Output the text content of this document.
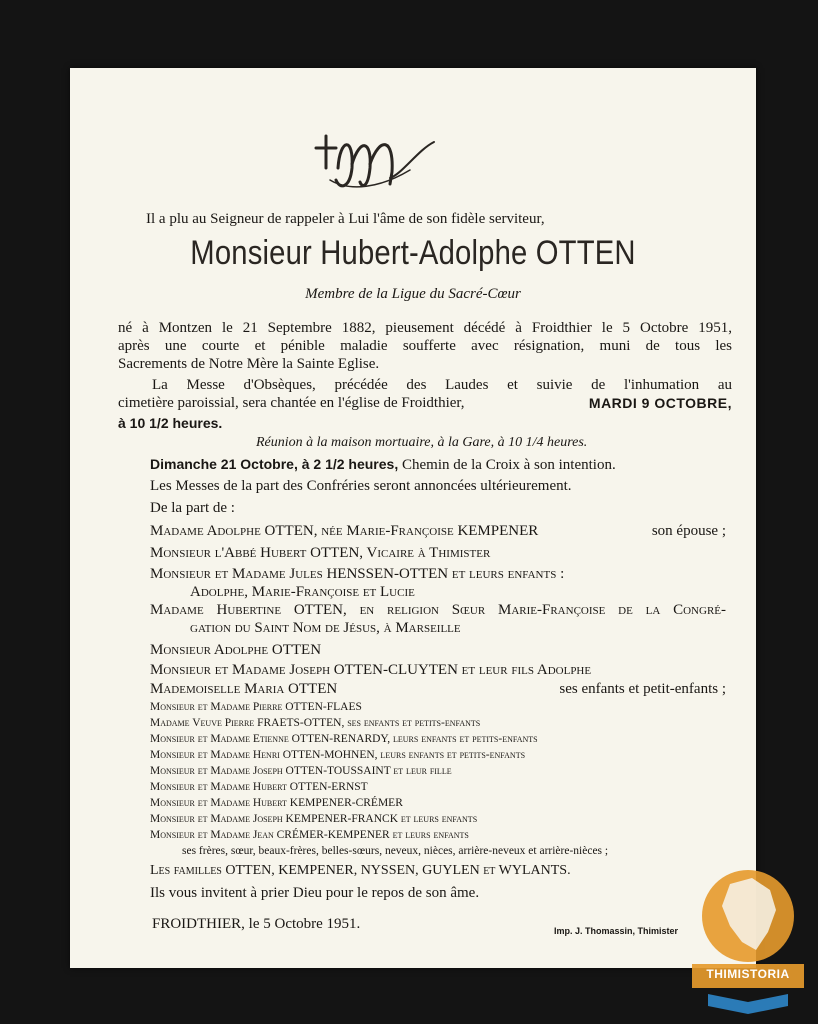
Il a plu au Seigneur de rappeler à Lui l'âme de son fidèle serviteur,
Monsieur Hubert-Adolphe OTTEN
Membre de la Ligue du Sacré-Cœur
né à Montzen le 21 Septembre 1882, pieusement décédé à Froidthier le 5 Octobre 1951,
après une courte et pénible maladie soufferte avec résignation, muni de tous les
Sacrements de Notre Mère la Sainte Eglise.
La Messe d'Obsèques, précédée des Laudes et suivie de l'inhumation au
cimetière paroissial, sera chantée en l'église de Froidthier,	MARDI 9 OCTOBRE,
à 10 1/2 heures.
Réunion à la maison mortuaire, à la Gare, à 10 1/4 heures.
Dimanche 21 Octobre, à 2 1/2 heures, Chemin de la Croix à son intention.
Les Messes de la part des Confréries seront annoncées ultérieurement.
De la part de :
Madame Adolphe OTTEN, née Marie-Françoise KEMPENER	son épouse ;
Monsieur l'Abbé Hubert OTTEN, Vicaire à Thimister
Monsieur et Madame Jules HENSSEN-OTTEN et leurs enfants :
Adolphe, Marie-Françoise et Lucie
Madame Hubertine OTTEN, en religion Sœur Marie-Françoise de la Congré-
gation du Saint Nom de Jésus, à Marseille
Monsieur Adolphe OTTEN
Monsieur et Madame Joseph OTTEN-CLUYTEN et leur fils Adolphe
Mademoiselle Maria OTTEN	ses enfants et petit-enfants ;
Monsieur et Madame Pierre OTTEN-FLAES
Madame Veuve Pierre FRAETS-OTTEN, ses enfants et petits-enfants
Monsieur et Madame Etienne OTTEN-RENARDY, leurs enfants et petits-enfants
Monsieur et Madame Henri OTTEN-MOHNEN, leurs enfants et petits-enfants
Monsieur et Madame Joseph OTTEN-TOUSSAINT et leur fille
Monsieur et Madame Hubert OTTEN-ERNST
Monsieur et Madame Hubert KEMPENER-CRÉMER
Monsieur et Madame Joseph KEMPENER-FRANCK et leurs enfants
Monsieur et Madame Jean CRÉMER-KEMPENER et leurs enfants
ses frères, sœur, beaux-frères, belles-sœurs, neveux, nièces, arrière-neveux et arrière-nièces ;
Les familles OTTEN, KEMPENER, NYSSEN, GUYLEN et WYLANTS.
Ils vous invitent à prier Dieu pour le repos de son âme.
FROIDTHIER, le 5 Octobre 1951.	Imp. J. Thomassin, Thimister
THIMISTORIA
